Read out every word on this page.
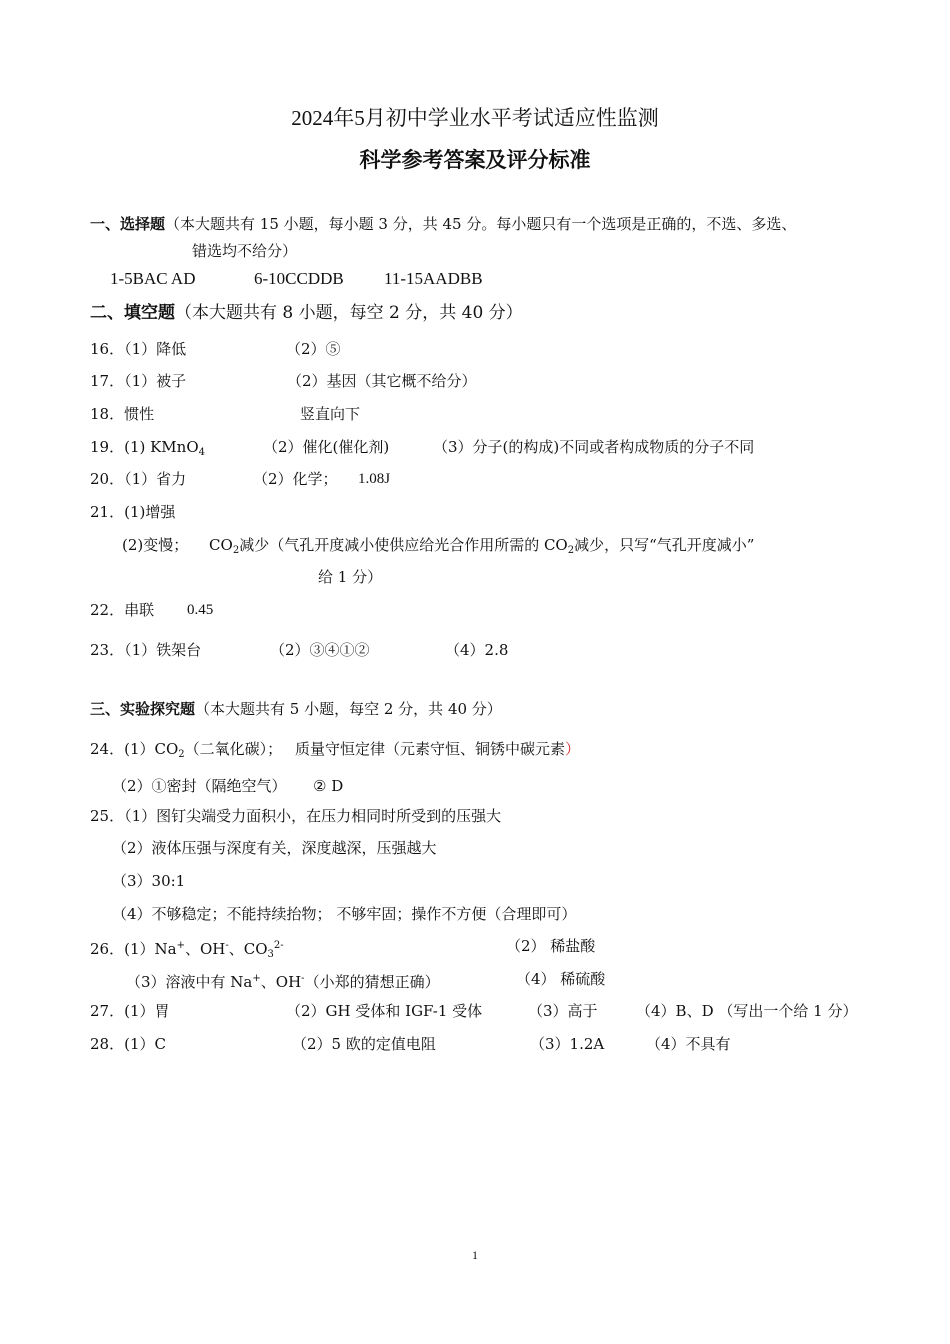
2024年5月初中学业水平考试适应性监测
科学参考答案及评分标准
一、选择题（本大题共有 15 小题，每小题 3 分，共 45 分。每小题只有一个选项是正确的，不选、多选、
错选均不给分）
1-5BAC AD	6-10CCDDB 11-15AADBB
二、填空题（本大题共有 8 小题，每空 2 分，共 40 分）
16．（1）降低	（2）⑤
17．（1）被子	（2）基因（其它概不给分）
18．惯性	竖直向下
19．(1) KMnO$_4$	（2）催化(催化剂)	（3）分子(的构成)不同或者构成物质的分子不同
20．（1）省力	（2）化学； 1.08J
21．(1)增强
(2)变慢； $CO_2$减少（气孔开度减小使供应给光合作用所需的 $CO_2$减少，只写“气孔开度减小”
给 1 分）
22．串联 0.45
23．（1）铁架台	（2）③④①②	（4）2.8
三、实验探究题（本大题共有 5 小题，每空 2 分，共 40 分）
24．$(1)CO_2$（二氧化碳）； 质量守恒定律（元素守恒、铜锈中碳元素）
（2）①密封（隔绝空气） ② D
25．（1）图钉尖端受力面积小，在压力相同时所受到的压强大
（2）液体压强与深度有关，深度越深，压强越大
（3）30:1
（4）不够稳定；不能持续抬物； 不够牢固；操作不方便（合理即可）
26．(1）Na+、OH-、$CO_3^{2-}$	（2） 稀盐酸
（3）溶液中有 Na+、OH-（小郑的猜想正确）	（4） 稀硫酸
27．(1）胃	（2）GH 受体和 IGF-1 受体	（3）高于	（4）B、D （写出一个给 1 分）
28．(1）C	（2）5 欧的定值电阻	（3）1.2A	（4）不具有
1
